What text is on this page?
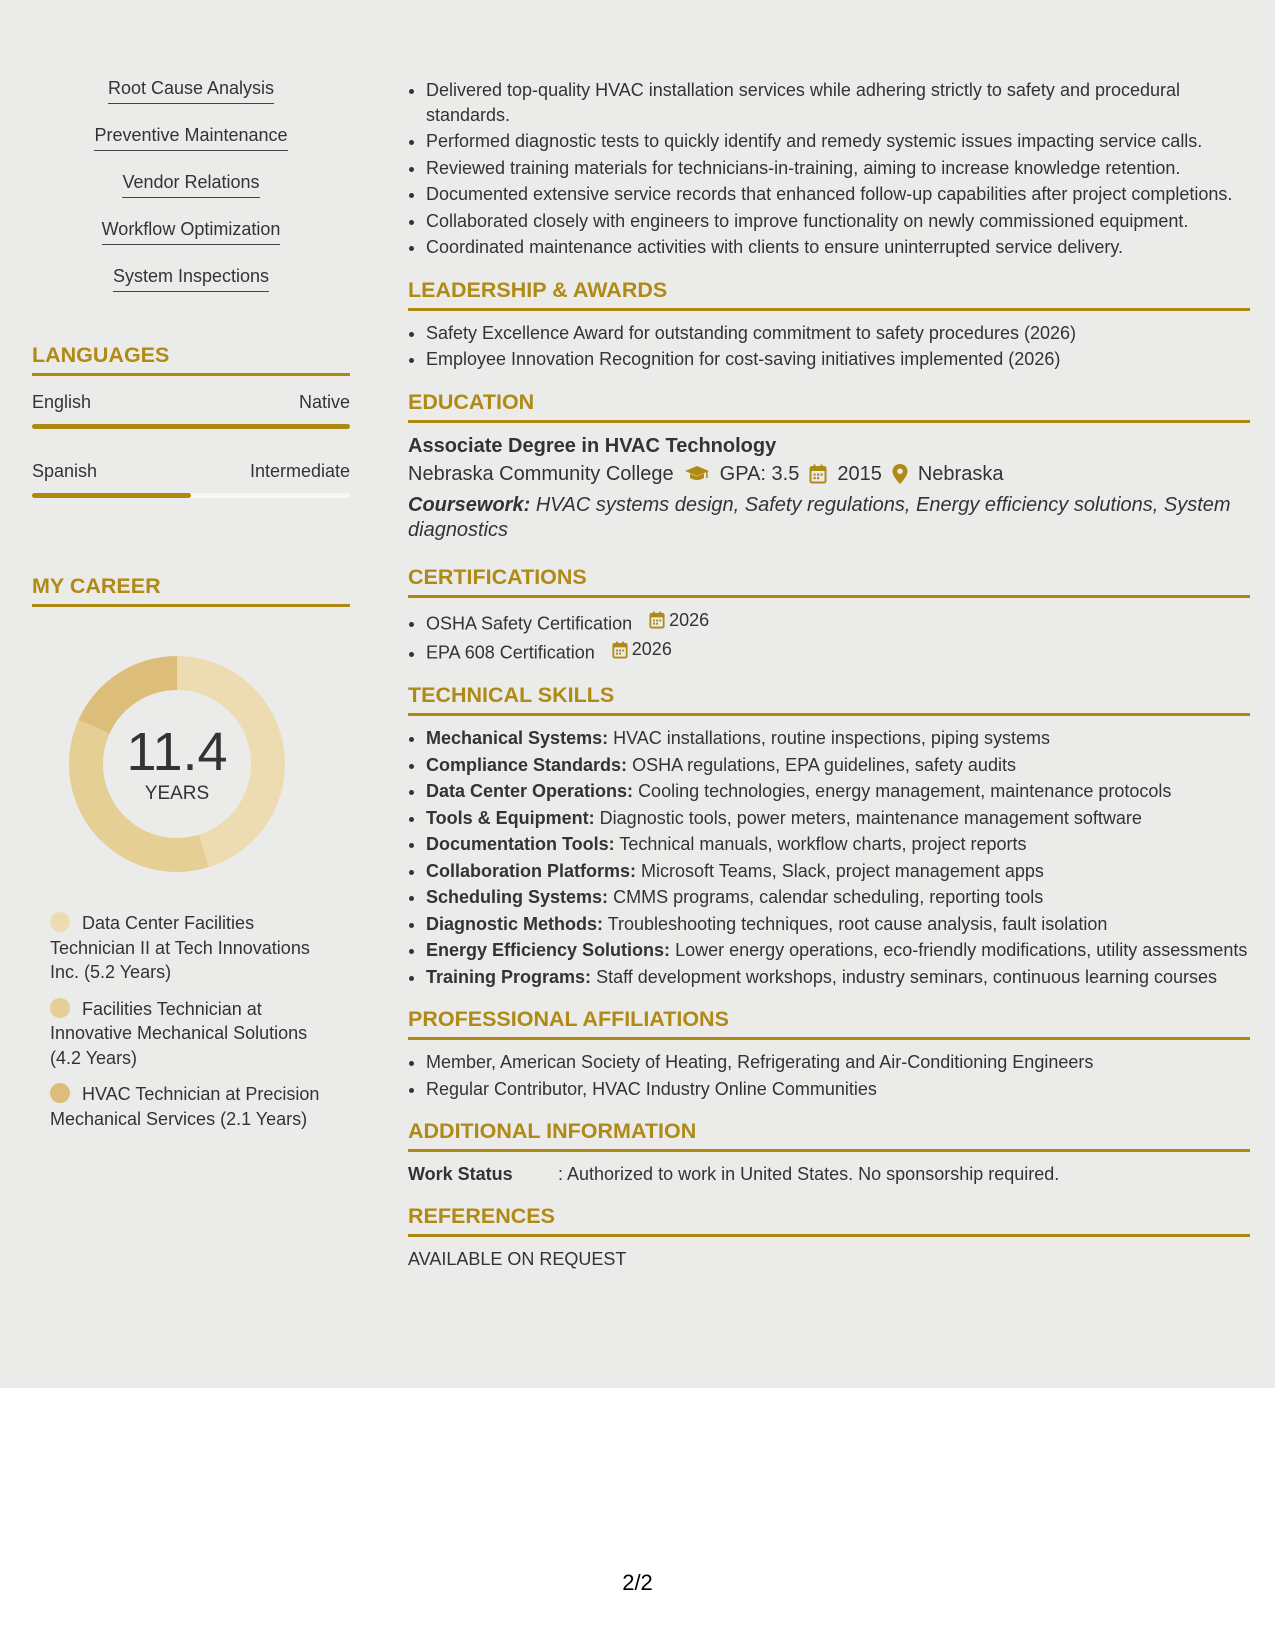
Root Cause Analysis
Preventive Maintenance
Vendor Relations
Workflow Optimization
System Inspections
LANGUAGES
English	Native
Spanish	Intermediate
MY CAREER
11.4
YEARS
Data Center Facilities Technician II at Tech Innovations Inc. (5.2 Years)
Facilities Technician at Innovative Mechanical Solutions (4.2 Years)
HVAC Technician at Precision Mechanical Services (2.1 Years)
• Delivered top-quality HVAC installation services while adhering strictly to safety and procedural standards.
• Performed diagnostic tests to quickly identify and remedy systemic issues impacting service calls.
• Reviewed training materials for technicians-in-training, aiming to increase knowledge retention.
• Documented extensive service records that enhanced follow-up capabilities after project completions.
• Collaborated closely with engineers to improve functionality on newly commissioned equipment.
• Coordinated maintenance activities with clients to ensure uninterrupted service delivery.
LEADERSHIP & AWARDS
• Safety Excellence Award for outstanding commitment to safety procedures (2026)
• Employee Innovation Recognition for cost-saving initiatives implemented (2026)
EDUCATION
Associate Degree in HVAC Technology
Nebraska Community College GPA: 3.5 2015 Nebraska
Coursework: HVAC systems design, Safety regulations, Energy efficiency solutions, System diagnostics
CERTIFICATIONS
• OSHA Safety Certification 2026
• EPA 608 Certification 2026
TECHNICAL SKILLS
• Mechanical Systems: HVAC installations, routine inspections, piping systems
• Compliance Standards: OSHA regulations, EPA guidelines, safety audits
• Data Center Operations: Cooling technologies, energy management, maintenance protocols
• Tools & Equipment: Diagnostic tools, power meters, maintenance management software
• Documentation Tools: Technical manuals, workflow charts, project reports
• Collaboration Platforms: Microsoft Teams, Slack, project management apps
• Scheduling Systems: CMMS programs, calendar scheduling, reporting tools
• Diagnostic Methods: Troubleshooting techniques, root cause analysis, fault isolation
• Energy Efficiency Solutions: Lower energy operations, eco-friendly modifications, utility assessments
• Training Programs: Staff development workshops, industry seminars, continuous learning courses
PROFESSIONAL AFFILIATIONS
• Member, American Society of Heating, Refrigerating and Air-Conditioning Engineers
• Regular Contributor, HVAC Industry Online Communities
ADDITIONAL INFORMATION
Work Status	: Authorized to work in United States. No sponsorship required.
REFERENCES
AVAILABLE ON REQUEST
2/2
